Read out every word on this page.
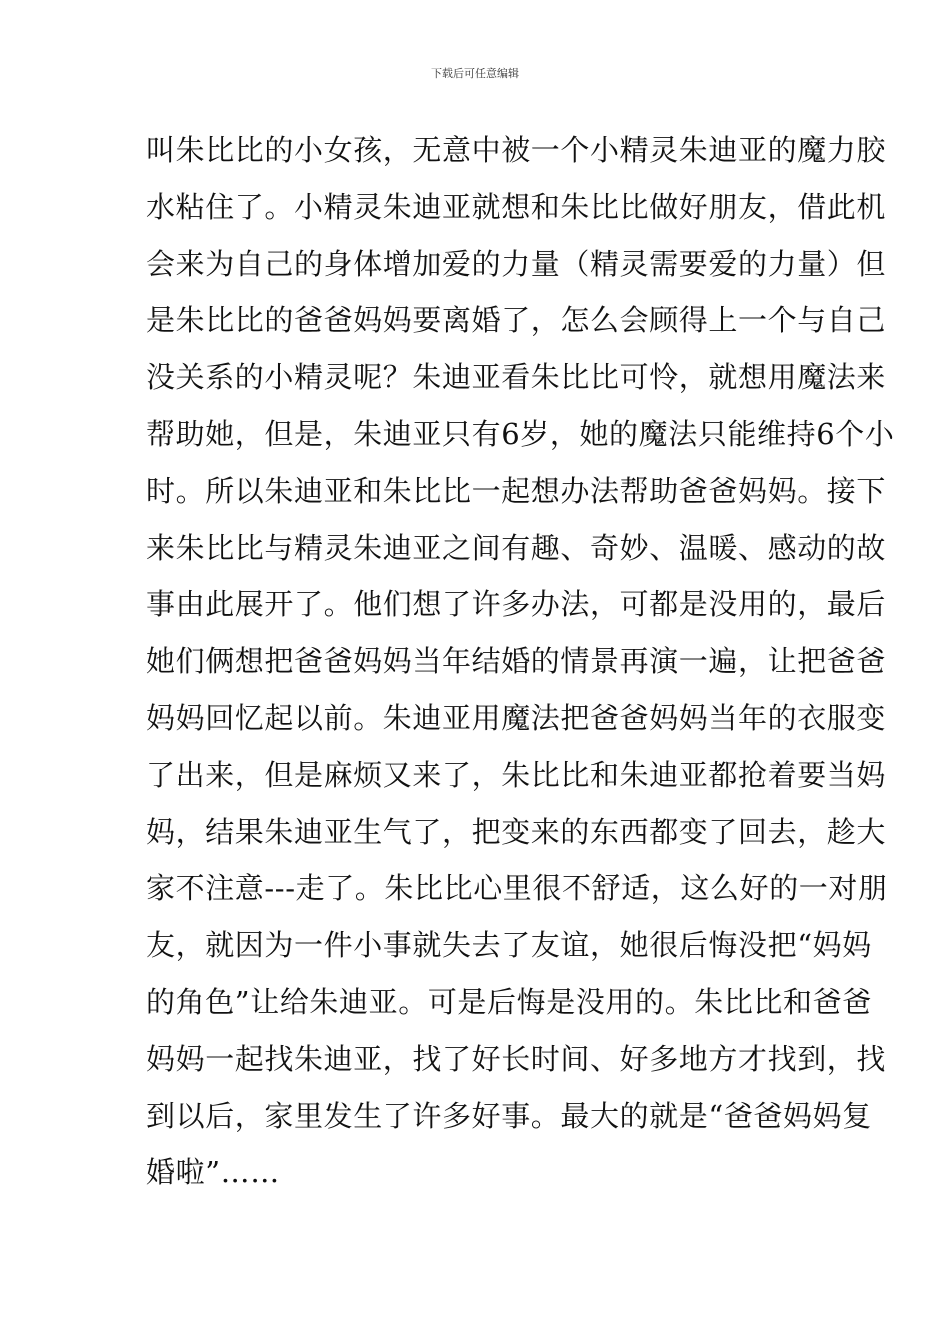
下载后可任意编辑
叫朱比比的小女孩，无意中被一个小精灵朱迪亚的魔力胶
水粘住了。小精灵朱迪亚就想和朱比比做好朋友，借此机
会来为自己的身体增加爱的力量（精灵需要爱的力量）但
是朱比比的爸爸妈妈要离婚了，怎么会顾得上一个与自己
没关系的小精灵呢？朱迪亚看朱比比可怜，就想用魔法来
帮助她，但是，朱迪亚只有6岁，她的魔法只能维持6个小
时。所以朱迪亚和朱比比一起想办法帮助爸爸妈妈。接下
来朱比比与精灵朱迪亚之间有趣、奇妙、温暖、感动的故
事由此展开了。他们想了许多办法，可都是没用的，最后
她们俩想把爸爸妈妈当年结婚的情景再演一遍，让把爸爸
妈妈回忆起以前。朱迪亚用魔法把爸爸妈妈当年的衣服变
了出来，但是麻烦又来了，朱比比和朱迪亚都抢着要当妈
妈，结果朱迪亚生气了，把变来的东西都变了回去，趁大
家不注意---走了。朱比比心里很不舒适，这么好的一对朋
友，就因为一件小事就失去了友谊，她很后悔没把“妈妈
的角色”让给朱迪亚。可是后悔是没用的。朱比比和爸爸
妈妈一起找朱迪亚，找了好长时间、好多地方才找到，找
到以后，家里发生了许多好事。最大的就是“爸爸妈妈复
婚啦”……
